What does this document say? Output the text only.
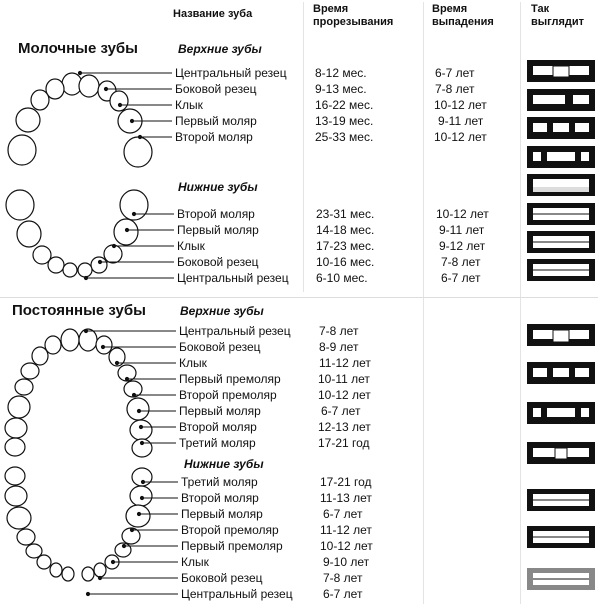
Название зуба	Время
прорезывания
Время
выпадения
Так
выглядит
Молочные зубы	Верхние зубы
Нижние зубы
Постоянные зубы	Верхние зубы
Нижние зубы
Центральный резец 8-12 мес.	6-7 лет
Боковой резец	9-13 мес.	7-8 лет
Клык	16-22 мес.	10-12 лет
Первый моляр	13-19 мес.	9-11 лет
Второй моляр	25-33 мес.	10-12 лет
Второй моляр	23-31 мес.	10-12 лет
Первый моляр	14-18 мес.	9-11 лет
Клык	17-23 мес.	9-12 лет
Боковой резец	10-16 мес.	7-8 лет
Центральный резец 6-10 мес.	6-7 лет
Центральный резец 7-8 лет
Боковой резец	8-9 лет
Клык	11-12 лет
Первый премоляр	10-11 лет
Второй премоляр	10-12 лет
Первый моляр	6-7 лет
Второй моляр	12-13 лет
Третий моляр	17-21 год
Третий моляр	17-21 год
Второй моляр	11-13 лет
Первый моляр	6-7 лет
Второй премоляр	11-12 лет
Первый премоляр	10-12 лет
Клык	9-10 лет
Боковой резец	7-8 лет
Центральный резец	6-7 лет
